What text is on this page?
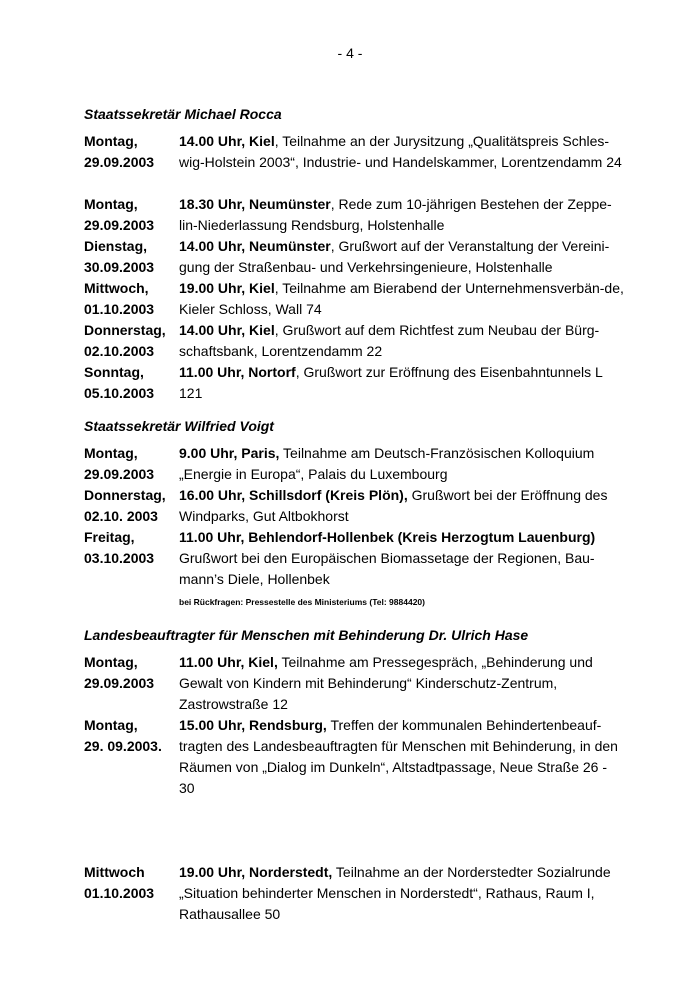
- 4 -
Staatssekretär Michael Rocca
Montag,
29.09.2003
14.00 Uhr, Kiel, Teilnahme an der Jurysitzung „Qualitätspreis Schles-wig-Holstein 2003“, Industrie- und Handelskammer, Lorentzendamm 24
Montag,
29.09.2003
18.30 Uhr, Neumünster, Rede zum 10-jährigen Bestehen der Zeppe-lin-Niederlassung Rendsburg, Holstenhalle
Dienstag,
30.09.2003
14.00 Uhr, Neumünster, Grußwort auf der Veranstaltung der Vereini-gung der Straßenbau- und Verkehrsingenieure, Holstenhalle
Mittwoch,
01.10.2003
19.00 Uhr, Kiel, Teilnahme am Bierabend der Unternehmensverbän-de, Kieler Schloss, Wall 74
Donnerstag,
02.10.2003
14.00 Uhr, Kiel, Grußwort auf dem Richtfest zum Neubau der Bürg-schaftsbank, Lorentzendamm 22
Sonntag,
05.10.2003
11.00 Uhr, Nortorf, Grußwort zur Eröffnung des Eisenbahntunnels L 121
Staatssekretär Wilfried Voigt
Montag,
29.09.2003
9.00 Uhr, Paris, Teilnahme am Deutsch-Französischen Kolloquium „Energie in Europa“, Palais du Luxembourg
Donnerstag,
02.10. 2003
16.00 Uhr, Schillsdorf (Kreis Plön), Grußwort bei der Eröffnung des Windparks, Gut Altbokhorst
Freitag,
03.10.2003
11.00 Uhr, Behlendorf-Hollenbek (Kreis Herzogtum Lauenburg) Grußwort bei den Europäischen Biomassetage der Regionen, Bau-mann’s Diele, Hollenbek
bei Rückfragen: Pressestelle des Ministeriums (Tel: 9884420)
Landesbeauftragter für Menschen mit Behinderung Dr. Ulrich Hase
Montag,
29.09.2003
11.00 Uhr, Kiel, Teilnahme am Pressegespräch, „Behinderung und Gewalt von Kindern mit Behinderung“ Kinderschutz-Zentrum, Zastrowstraße 12
Montag,
29. 09.2003.
15.00 Uhr, Rendsburg, Treffen der kommunalen Behindertenbeauf-tragten des Landesbeauftragten für Menschen mit Behinderung, in den Räumen von „Dialog im Dunkeln“, Altstadtpassage, Neue Straße 26 - 30
Mittwoch
01.10.2003
19.00 Uhr, Norderstedt, Teilnahme an der Norderstedter Sozialrunde „Situation behinderter Menschen in Norderstedt“, Rathaus, Raum I, Rathausallee 50
